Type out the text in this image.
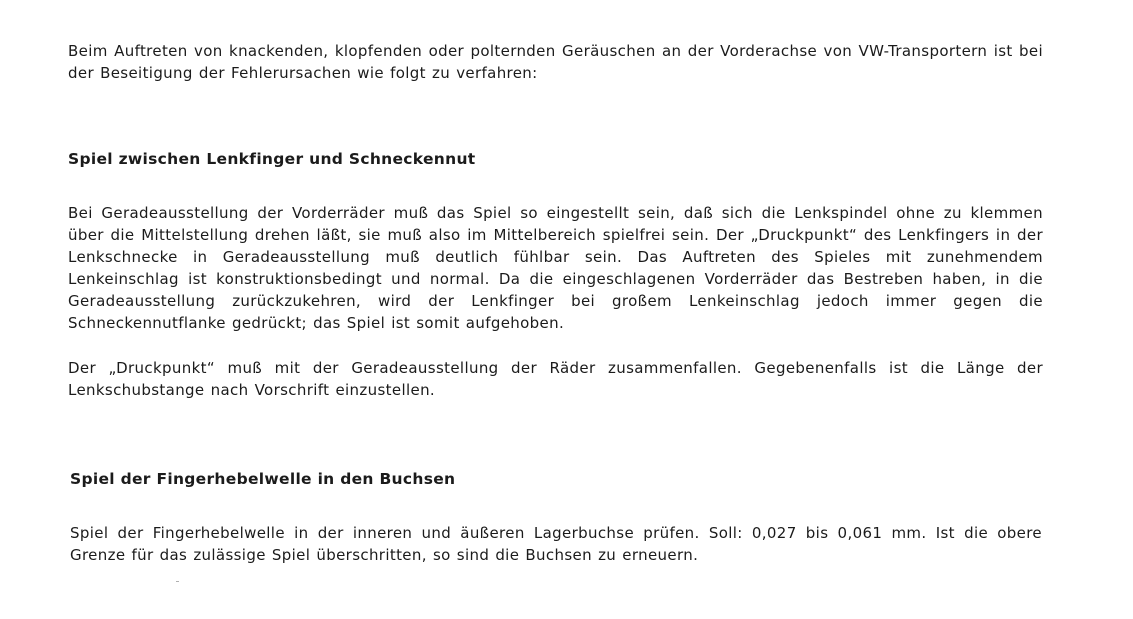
Beim Auftreten von knackenden, klopfenden oder polternden Geräuschen an der Vorderachse von VW-Transportern ist bei der Beseitigung der Fehlerursachen wie folgt zu verfahren:

Spiel zwischen Lenkfinger und Schneckennut

Bei Geradeausstellung der Vorderräder muß das Spiel so eingestellt sein, daß sich die Lenkspindel ohne zu klemmen über die Mittelstellung drehen läßt, sie muß also im Mittelbereich spielfrei sein. Der „Druckpunkt“ des Lenkfingers in der Lenkschnecke in Geradeausstellung muß deutlich fühlbar sein. Das Auftreten des Spieles mit zunehmendem Lenkeinschlag ist konstruktionsbedingt und normal. Da die eingeschlagenen Vorderräder das Bestreben haben, in die Geradeausstellung zurückzukehren, wird der Lenkfinger bei großem Lenkeinschlag jedoch immer gegen die Schneckennutflanke gedrückt; das Spiel ist somit aufgehoben.

Der „Druckpunkt“ muß mit der Geradeausstellung der Räder zusammenfallen. Gegebenenfalls ist die Länge der Lenkschubstange nach Vorschrift einzustellen.

Spiel der Fingerhebelwelle in den Buchsen

Spiel der Fingerhebelwelle in der inneren und äußeren Lagerbuchse prüfen. Soll: 0,027 bis 0,061 mm. Ist die obere Grenze für das zulässige Spiel überschritten, so sind die Buchsen zu erneuern.
